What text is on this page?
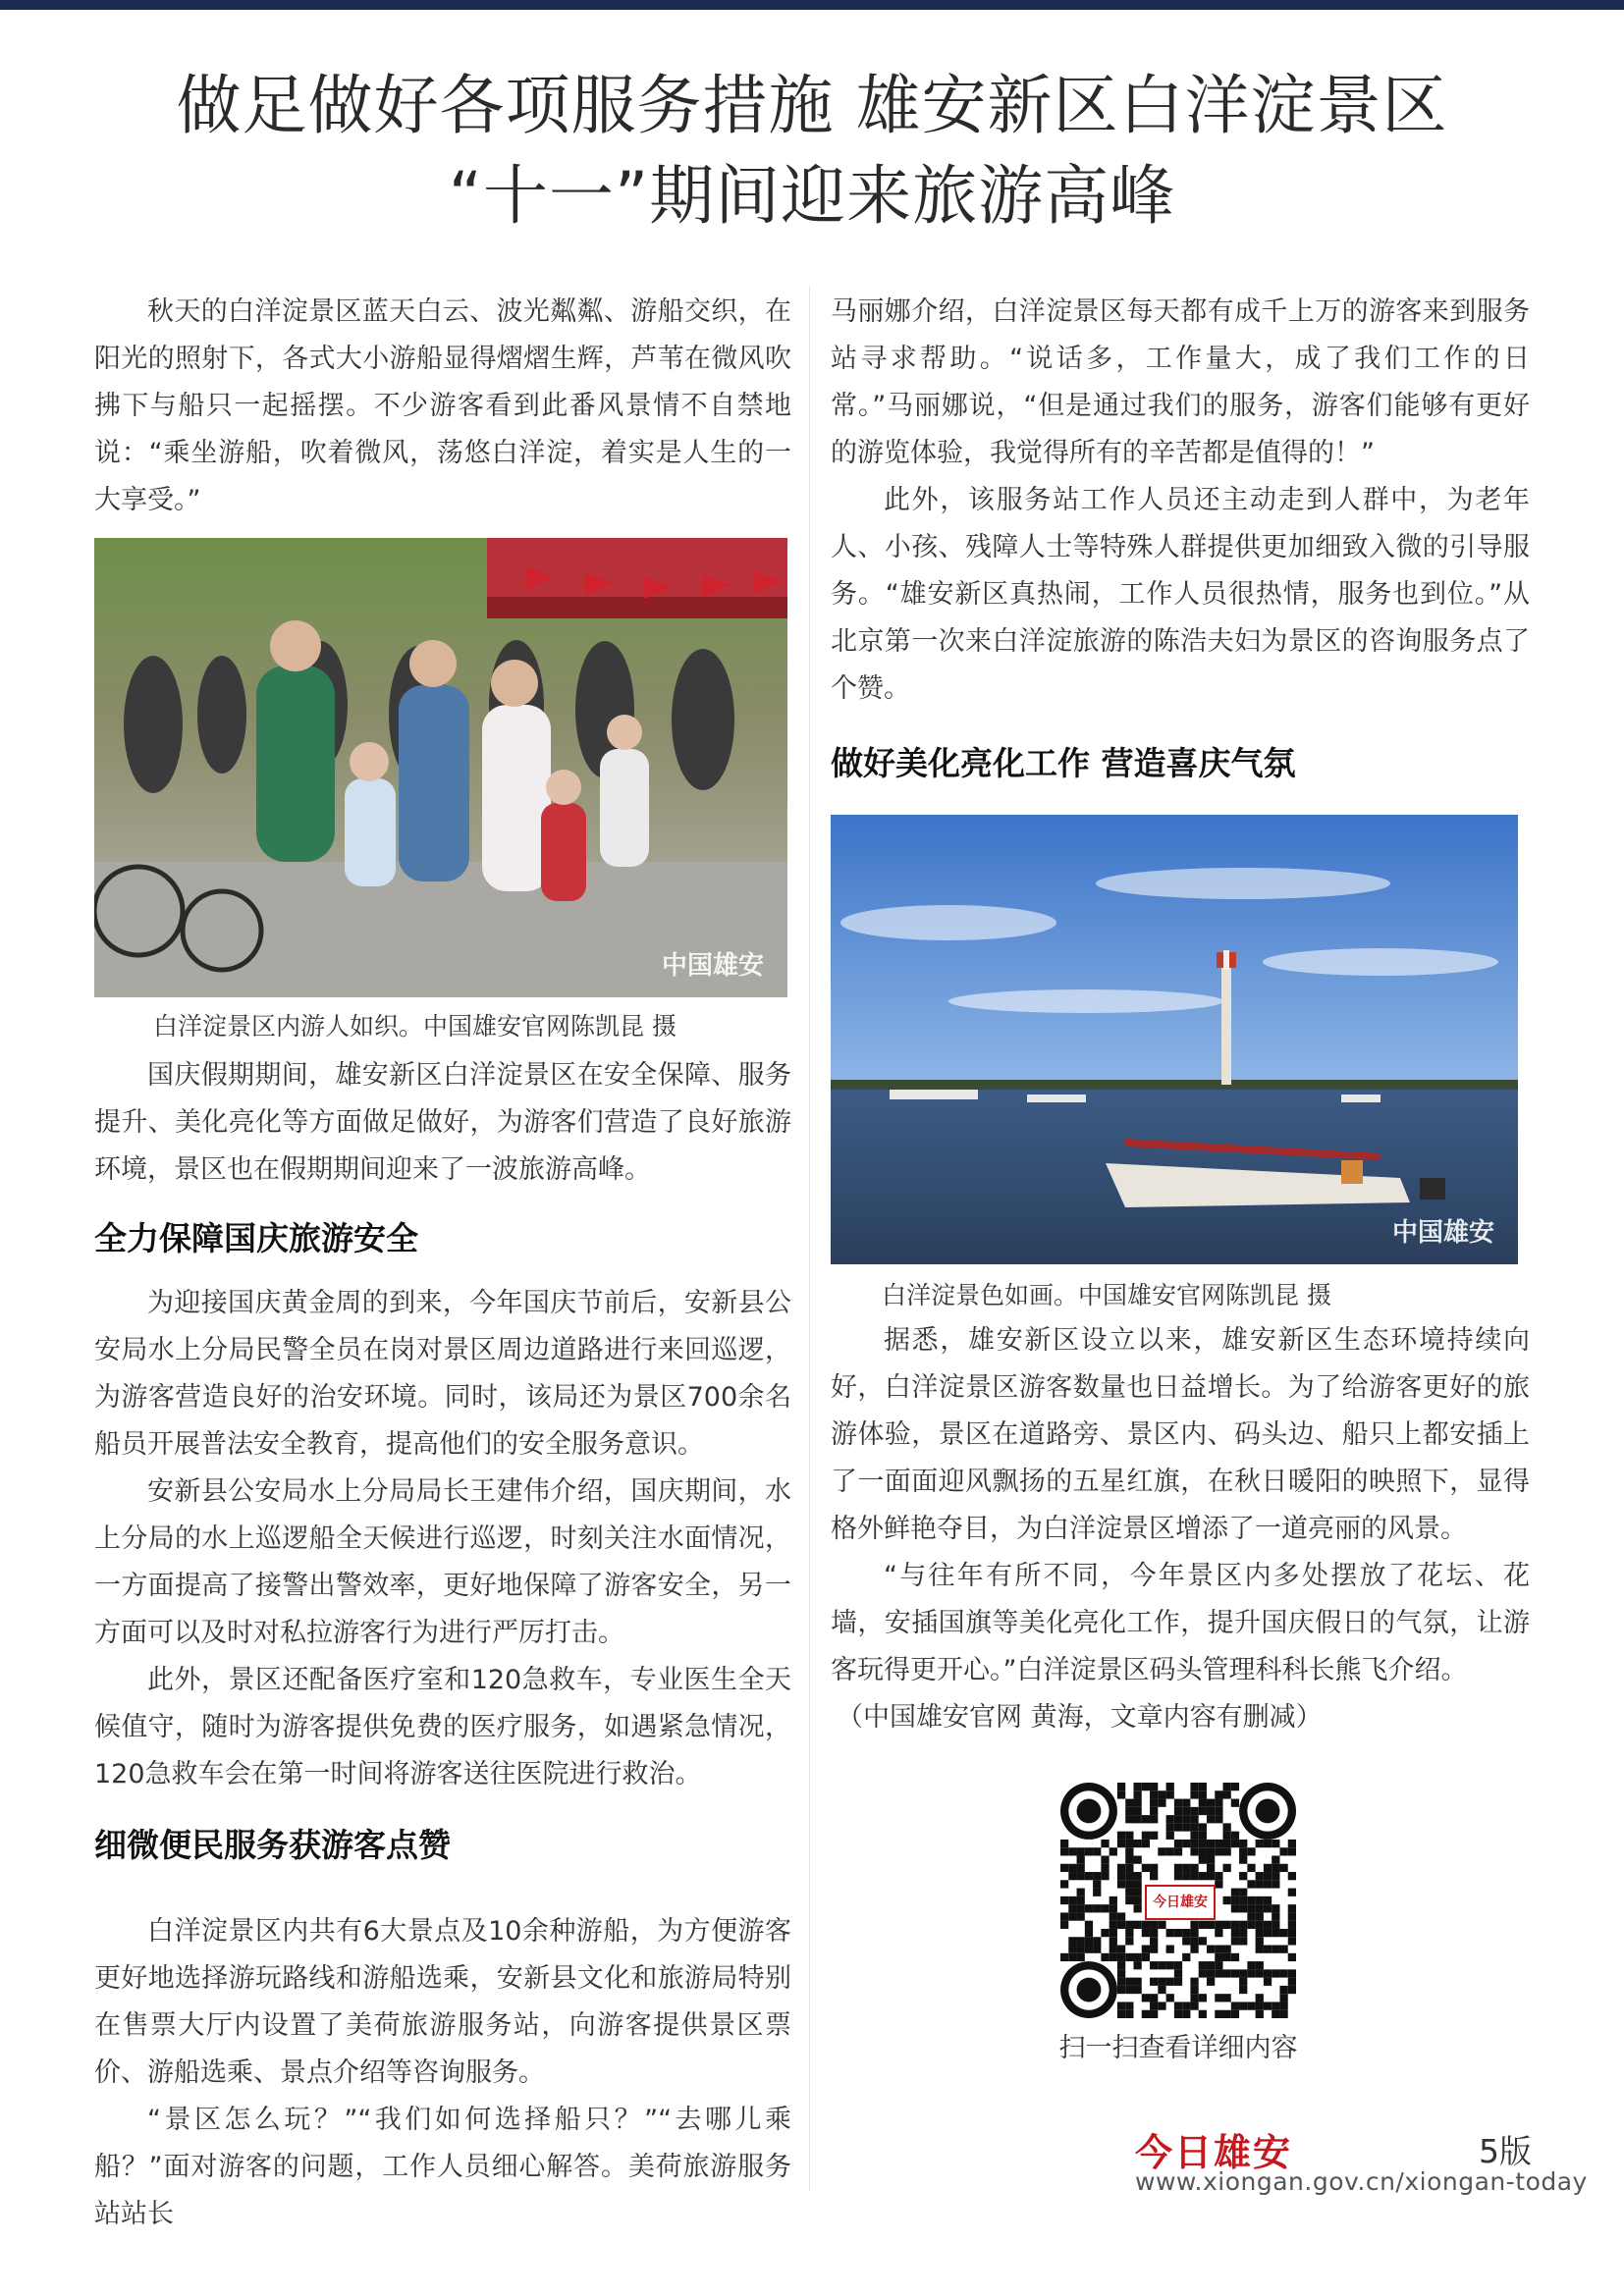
做足做好各项服务措施 雄安新区白洋淀景区
“十一”期间迎来旅游高峰

秋天的白洋淀景区蓝天白云、波光粼粼、游船交织，在阳光的照射下，各式大小游船显得熠熠生辉，芦苇在微风吹拂下与船只一起摇摆。不少游客看到此番风景情不自禁地说：“乘坐游船，吹着微风，荡悠白洋淀，着实是人生的一大享受。”

中国雄安
白洋淀景区内游人如织。中国雄安官网陈凯昆 摄

国庆假期期间，雄安新区白洋淀景区在安全保障、服务提升、美化亮化等方面做足做好，为游客们营造了良好旅游环境，景区也在假期期间迎来了一波旅游高峰。

全力保障国庆旅游安全

为迎接国庆黄金周的到来，今年国庆节前后，安新县公安局水上分局民警全员在岗对景区周边道路进行来回巡逻，为游客营造良好的治安环境。同时，该局还为景区700余名船员开展普法安全教育，提高他们的安全服务意识。

安新县公安局水上分局局长王建伟介绍，国庆期间，水上分局的水上巡逻船全天候进行巡逻，时刻关注水面情况，一方面提高了接警出警效率，更好地保障了游客安全，另一方面可以及时对私拉游客行为进行严厉打击。

此外，景区还配备医疗室和120急救车，专业医生全天候值守，随时为游客提供免费的医疗服务，如遇紧急情况，120急救车会在第一时间将游客送往医院进行救治。

细微便民服务获游客点赞

白洋淀景区内共有6大景点及10余种游船，为方便游客更好地选择游玩路线和游船选乘，安新县文化和旅游局特别在售票大厅内设置了美荷旅游服务站，向游客提供景区票价、游船选乘、景点介绍等咨询服务。

“景区怎么玩？”“我们如何选择船只？”“去哪儿乘船？”面对游客的问题，工作人员细心解答。美荷旅游服务站站长

马丽娜介绍，白洋淀景区每天都有成千上万的游客来到服务站寻求帮助。“说话多，工作量大，成了我们工作的日常。”马丽娜说，“但是通过我们的服务，游客们能够有更好的游览体验，我觉得所有的辛苦都是值得的！”

此外，该服务站工作人员还主动走到人群中，为老年人、小孩、残障人士等特殊人群提供更加细致入微的引导服务。“雄安新区真热闹，工作人员很热情，服务也到位。”从北京第一次来白洋淀旅游的陈浩夫妇为景区的咨询服务点了个赞。

做好美化亮化工作 营造喜庆气氛
中国雄安
白洋淀景色如画。中国雄安官网陈凯昆 摄

据悉，雄安新区设立以来，雄安新区生态环境持续向好，白洋淀景区游客数量也日益增长。为了给游客更好的旅游体验，景区在道路旁、景区内、码头边、船只上都安插上了一面面迎风飘扬的五星红旗，在秋日暖阳的映照下，显得格外鲜艳夺目，为白洋淀景区增添了一道亮丽的风景。

“与往年有所不同，今年景区内多处摆放了花坛、花墙，安插国旗等美化亮化工作，提升国庆假日的气氛，让游客玩得更开心。”白洋淀景区码头管理科科长熊飞介绍。

（中国雄安官网 黄海，文章内容有删减）

今日雄安
扫一扫查看详细内容
今日雄安	5版
www.xiongan.gov.cn/xiongan-today
